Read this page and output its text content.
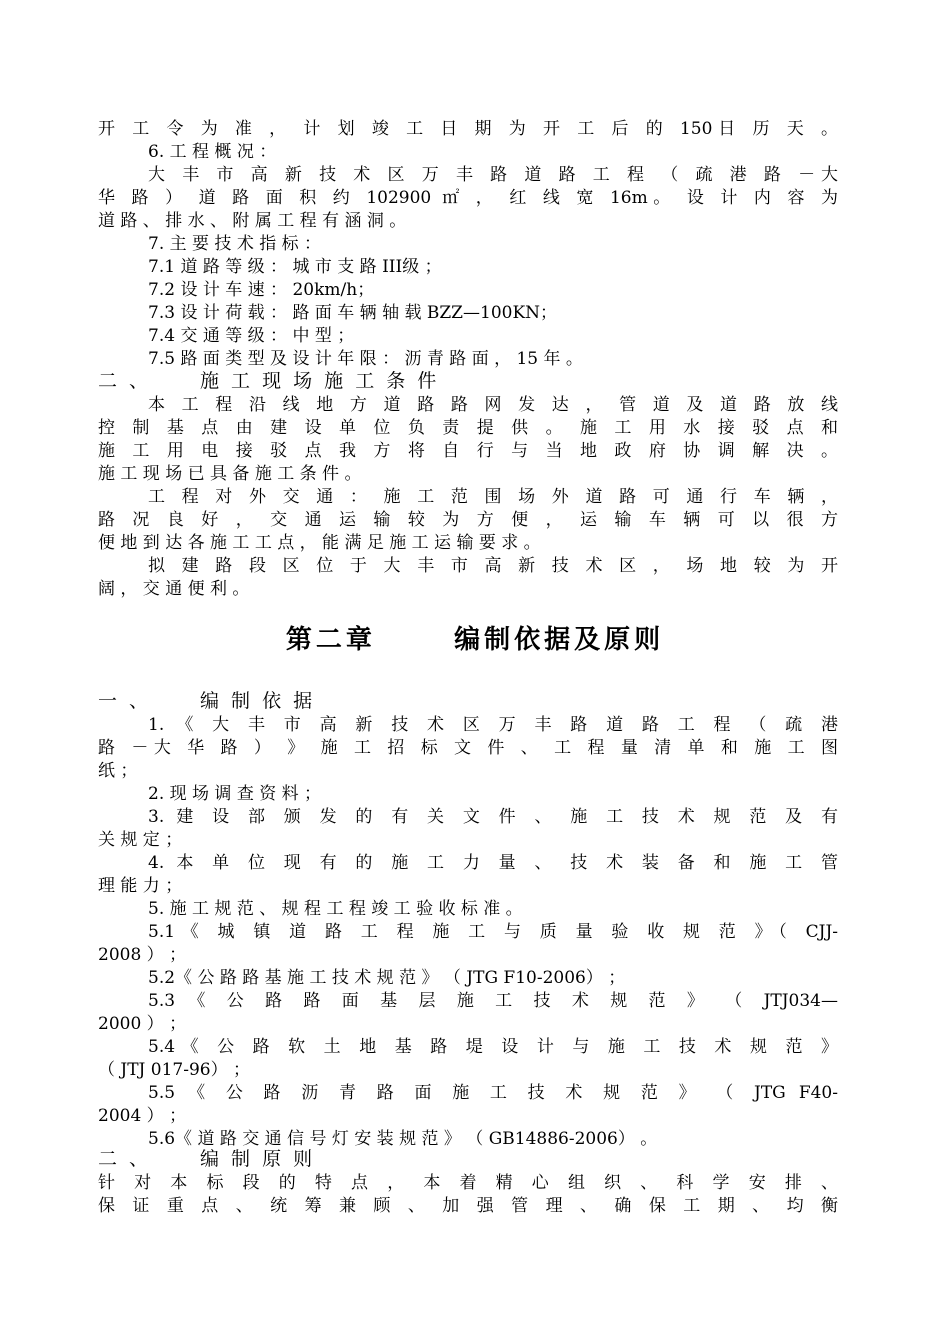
开 工 令 为 准 ， 计 划 竣 工 日 期 为 开 工 后 的 150日 历 天 。
6. 工 程 概 况 ：
大 丰 市 高 新 技 术 区 万 丰 路 道 路 工 程 （ 疏 港 路 －大
华 路 ） 道 路 面 积 约 102900 ㎡ ， 红 线 宽 16m。 设 计 内 容 为
道 路 、 排 水 、 附 属 工 程 有 涵 洞 。
7. 主 要 技 术 指 标 ：
7.1 道 路 等 级 ： 城 市 支 路 III级 ；
7.2 设 计 车 速 ： 20km/h；
7.3 设 计 荷 载 ： 路 面 车 辆 轴 载 BZZ—100KN；
7.4 交 通 等 级 ： 中 型 ；
7.5 路 面 类 型 及 设 计 年 限 ： 沥 青 路 面 ， 15 年 。
二 、	施 工 现 场 施 工 条 件
本 工 程 沿 线 地 方 道 路 路 网 发 达 ， 管 道 及 道 路 放 线
控 制 基 点 由 建 设 单 位 负 责 提 供 。 施 工 用 水 接 驳 点 和
施 工 用 电 接 驳 点 我 方 将 自 行 与 当 地 政 府 协 调 解 决 。
施 工 现 场 已 具 备 施 工 条 件 。
工 程 对 外 交 通 ： 施 工 范 围 场 外 道 路 可 通 行 车 辆 ，
路 况 良 好 ， 交 通 运 输 较 为 方 便 ， 运 输 车 辆 可 以 很 方
便 地 到 达 各 施 工 工 点 ， 能 满 足 施 工 运 输 要 求 。
拟 建 路 段 区 位 于 大 丰 市 高 新 技 术 区 ， 场 地 较 为 开
阔 ， 交 通 便 利 。
第二章      编制依据及原则
一 、	编 制 依 据
1. 《 大 丰 市 高 新 技 术 区 万 丰 路 道 路 工 程 （ 疏 港
路 －大 华 路 ） 》 施 工 招 标 文 件 、 工 程 量 清 单 和 施 工 图
纸 ；
2. 现 场 调 查 资 料 ；
3. 建 设 部 颁 发 的 有 关 文 件 、 施 工 技 术 规 范 及 有
关 规 定 ；
4. 本 单 位 现 有 的 施 工 力 量 、 技 术 装 备 和 施 工 管
理 能 力 ；
5. 施 工 规 范 、 规 程 工 程 竣 工 验 收 标 准 。
5.1《 城 镇 道 路 工 程 施 工 与 质 量 验 收 规 范 》（ CJJ-
2008 ） ；
5.2《 公 路 路 基 施 工 技 术 规 范 》 （ JTG F10-2006） ；
5.3 《 公 路 路 面 基 层 施 工 技 术 规 范 》 （ JTJ034—
2000 ） ；
5.4《 公 路 软 土 地 基 路 堤 设 计 与 施 工 技 术 规 范 》
（ JTJ 017-96） ；
5.5 《 公 路 沥 青 路 面 施 工 技 术 规 范 》 （ JTG F40-
2004 ） ；
5.6《 道 路 交 通 信 号 灯 安 装 规 范 》 （ GB14886-2006） 。
二 、	编 制 原 则
针 对 本 标 段 的 特 点 ， 本 着 精 心 组 织 、 科 学 安 排 、
保 证 重 点 、 统 筹 兼 顾 、 加 强 管 理 、 确 保 工 期 、 均 衡
